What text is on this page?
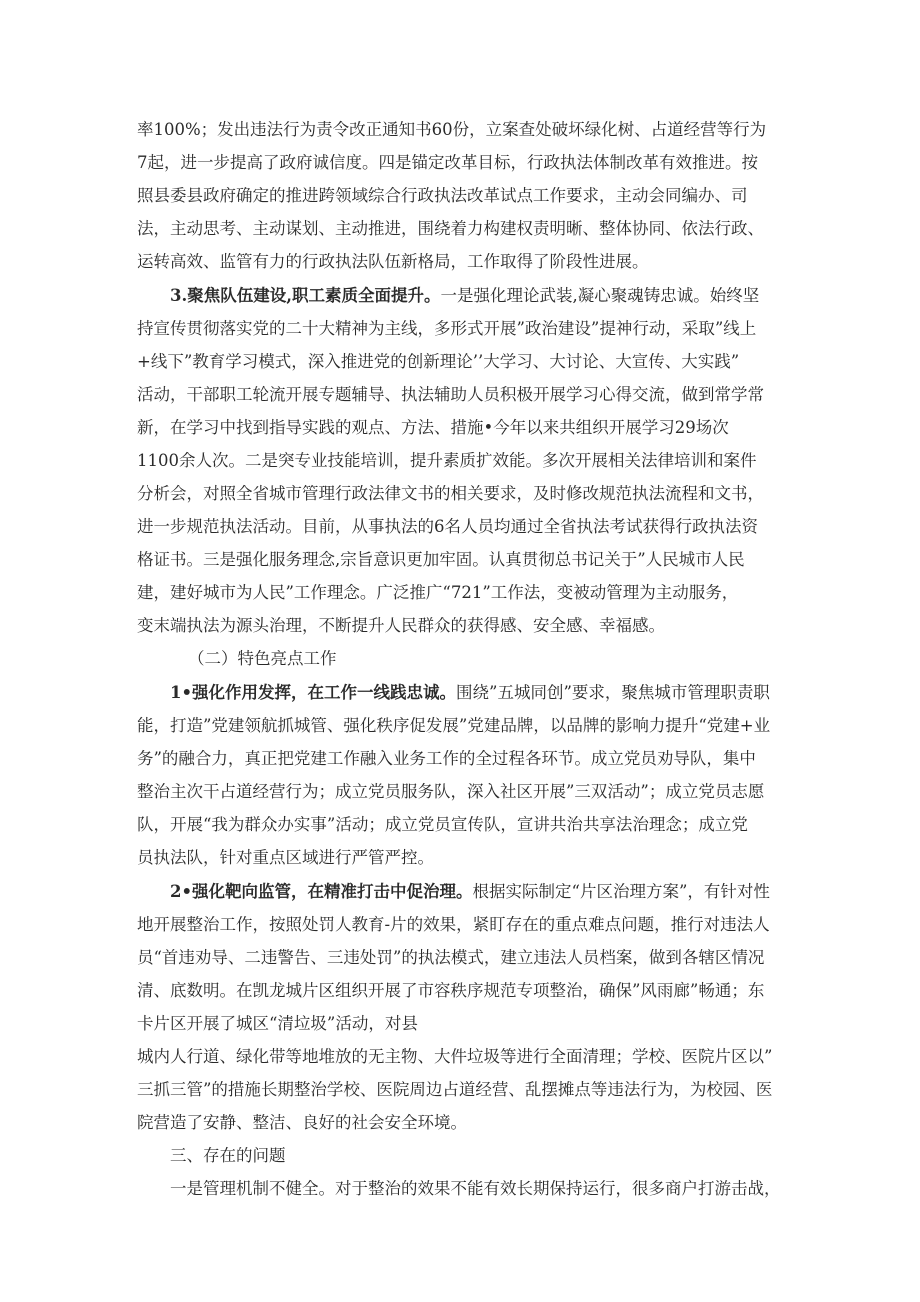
率100%；发出违法行为责令改正通知书60份，立案查处破坏绿化树、占道经营等行为
7起，进一步提高了政府诚信度。四是锚定改革目标，行政执法体制改革有效推进。按
照县委县政府确定的推进跨领域综合行政执法改革试点工作要求，主动会同编办、司
法，主动思考、主动谋划、主动推进，围绕着力构建权责明晰、整体协同、依法行政、
运转高效、监管有力的行政执法队伍新格局，工作取得了阶段性进展。
3.聚焦队伍建设,职工素质全面提升。一是强化理论武装,凝心聚魂铸忠诚。始终坚
持宣传贯彻落实党的二十大精神为主线，多形式开展”政治建设”提神行动，采取”线上
+线下”教育学习模式，深入推进党的创新理论’’大学习、大讨论、大宣传、大实践”
活动，干部职工轮流开展专题辅导、执法辅助人员积极开展学习心得交流，做到常学常
新，在学习中找到指导实践的观点、方法、措施•今年以来共组织开展学习29场次
1100余人次。二是突专业技能培训，提升素质扩效能。多次开展相关法律培训和案件
分析会，对照全省城市管理行政法律文书的相关要求，及时修改规范执法流程和文书，
进一步规范执法活动。目前，从事执法的6名人员均通过全省执法考试获得行政执法资
格证书。三是强化服务理念,宗旨意识更加牢固。认真贯彻总书记关于”人民城市人民
建，建好城市为人民”工作理念。广泛推广“721”工作法，变被动管理为主动服务，
变末端执法为源头治理，不断提升人民群众的获得感、安全感、幸福感。
（二）特色亮点工作
1•强化作用发挥，在工作一线践忠诚。围绕”五城同创”要求，聚焦城市管理职责职
能，打造”党建领航抓城管、强化秩序促发展”党建品牌，以品牌的影响力提升“党建+业
务”的融合力，真正把党建工作融入业务工作的全过程各环节。成立党员劝导队，集中
整治主次干占道经营行为；成立党员服务队，深入社区开展”三双活动”；成立党员志愿
队，开展“我为群众办实事”活动；成立党员宣传队，宣讲共治共享法治理念；成立党
员执法队，针对重点区域进行严管严控。
2•强化靶向监管，在精准打击中促治理。根据实际制定“片区治理方案”，有针对性
地开展整治工作，按照处罚人教育-片的效果，紧盯存在的重点难点问题，推行对违法人
员“首违劝导、二违警告、三违处罚”的执法模式，建立违法人员档案，做到各辖区情况
清、底数明。在凯龙城片区组织开展了市容秩序规范专项整治，确保”风雨廊”畅通；东
卡片区开展了城区“清垃圾”活动，对县
城内人行道、绿化带等地堆放的无主物、大件垃圾等进行全面清理；学校、医院片区以”
三抓三管”的措施长期整治学校、医院周边占道经营、乱摆摊点等违法行为，为校园、医
院营造了安静、整洁、良好的社会安全环境。
三、存在的问题
一是管理机制不健全。对于整治的效果不能有效长期保持运行，很多商户打游击战，
